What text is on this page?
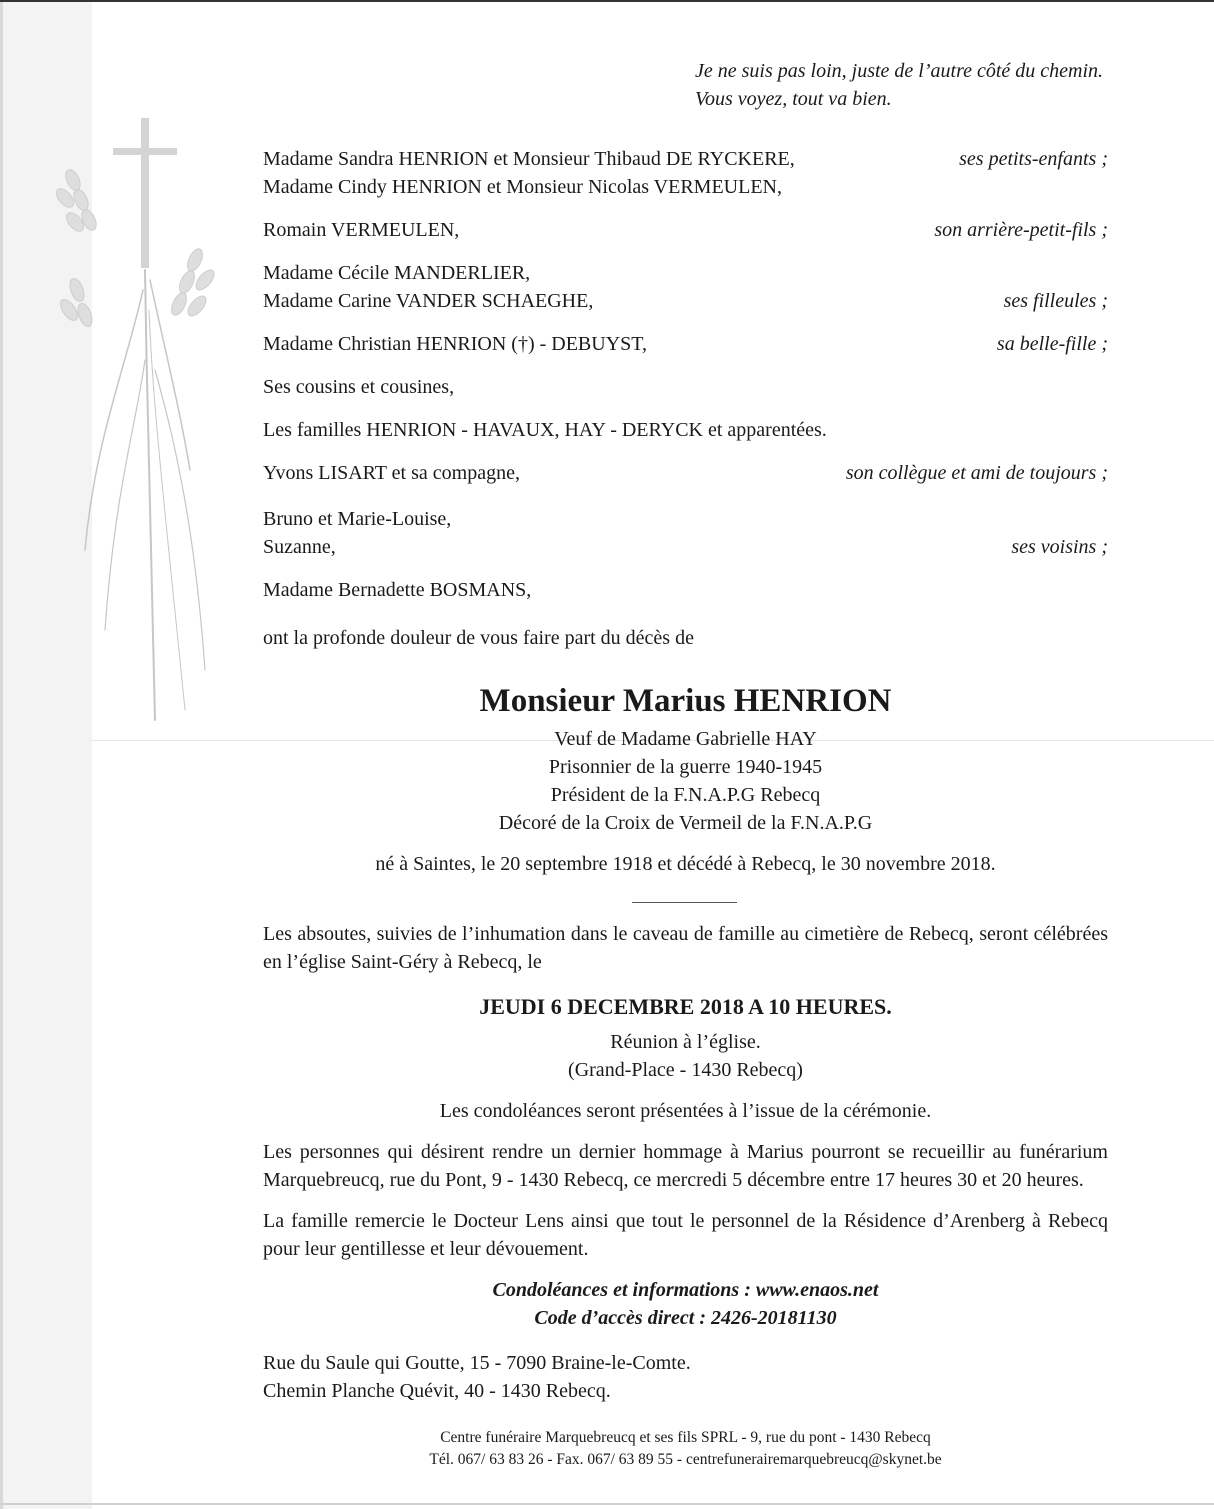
Je ne suis pas loin, juste de l’autre côté du chemin.
Vous voyez, tout va bien.
Madame Sandra HENRION et Monsieur Thibaud DE RYCKERE,	ses petits-enfants ;
Madame Cindy HENRION et Monsieur Nicolas VERMEULEN,
Romain VERMEULEN,	son arrière-petit-fils ;
Madame Cécile MANDERLIER,
Madame Carine VANDER SCHAEGHE,	ses filleules ;
Madame Christian HENRION (†) - DEBUYST,	sa belle-fille ;
Ses cousins et cousines,
Les familles HENRION - HAVAUX, HAY - DERYCK et apparentées.
Yvons LISART et sa compagne,	son collègue et ami de toujours ;
Bruno et Marie-Louise,
Suzanne,	ses voisins ;
Madame Bernadette BOSMANS,
ont la profonde douleur de vous faire part du décès de
Monsieur Marius HENRION
Veuf de Madame Gabrielle HAY
Prisonnier de la guerre 1940-1945
Président de la F.N.A.P.G Rebecq
Décoré de la Croix de Vermeil de la F.N.A.P.G
né à Saintes, le 20 septembre 1918 et décédé à Rebecq, le 30 novembre 2018.
Les absoutes, suivies de l’inhumation dans le caveau de famille au cimetière de Rebecq, seront célébrées en l’église Saint-Géry à Rebecq, le
JEUDI 6 DECEMBRE 2018 A 10 HEURES.
Réunion à l’église.
(Grand-Place - 1430 Rebecq)
Les condoléances seront présentées à l’issue de la cérémonie.
Les personnes qui désirent rendre un dernier hommage à Marius pourront se recueillir au funérarium Marquebreucq, rue du Pont, 9 - 1430 Rebecq, ce mercredi 5 décembre entre 17 heures 30 et 20 heures.
La famille remercie le Docteur Lens ainsi que tout le personnel de la Résidence d’Arenberg à Rebecq pour leur gentillesse et leur dévouement.
Condoléances et informations : www.enaos.net
Code d’accès direct : 2426-20181130
Rue du Saule qui Goutte, 15 - 7090 Braine-le-Comte.
Chemin Planche Quévit, 40 - 1430 Rebecq.
Centre funéraire Marquebreucq et ses fils SPRL - 9, rue du pont - 1430 Rebecq
Tél. 067/ 63 83 26 - Fax. 067/ 63 89 55 - centrefunerairemarquebreucq@skynet.be
